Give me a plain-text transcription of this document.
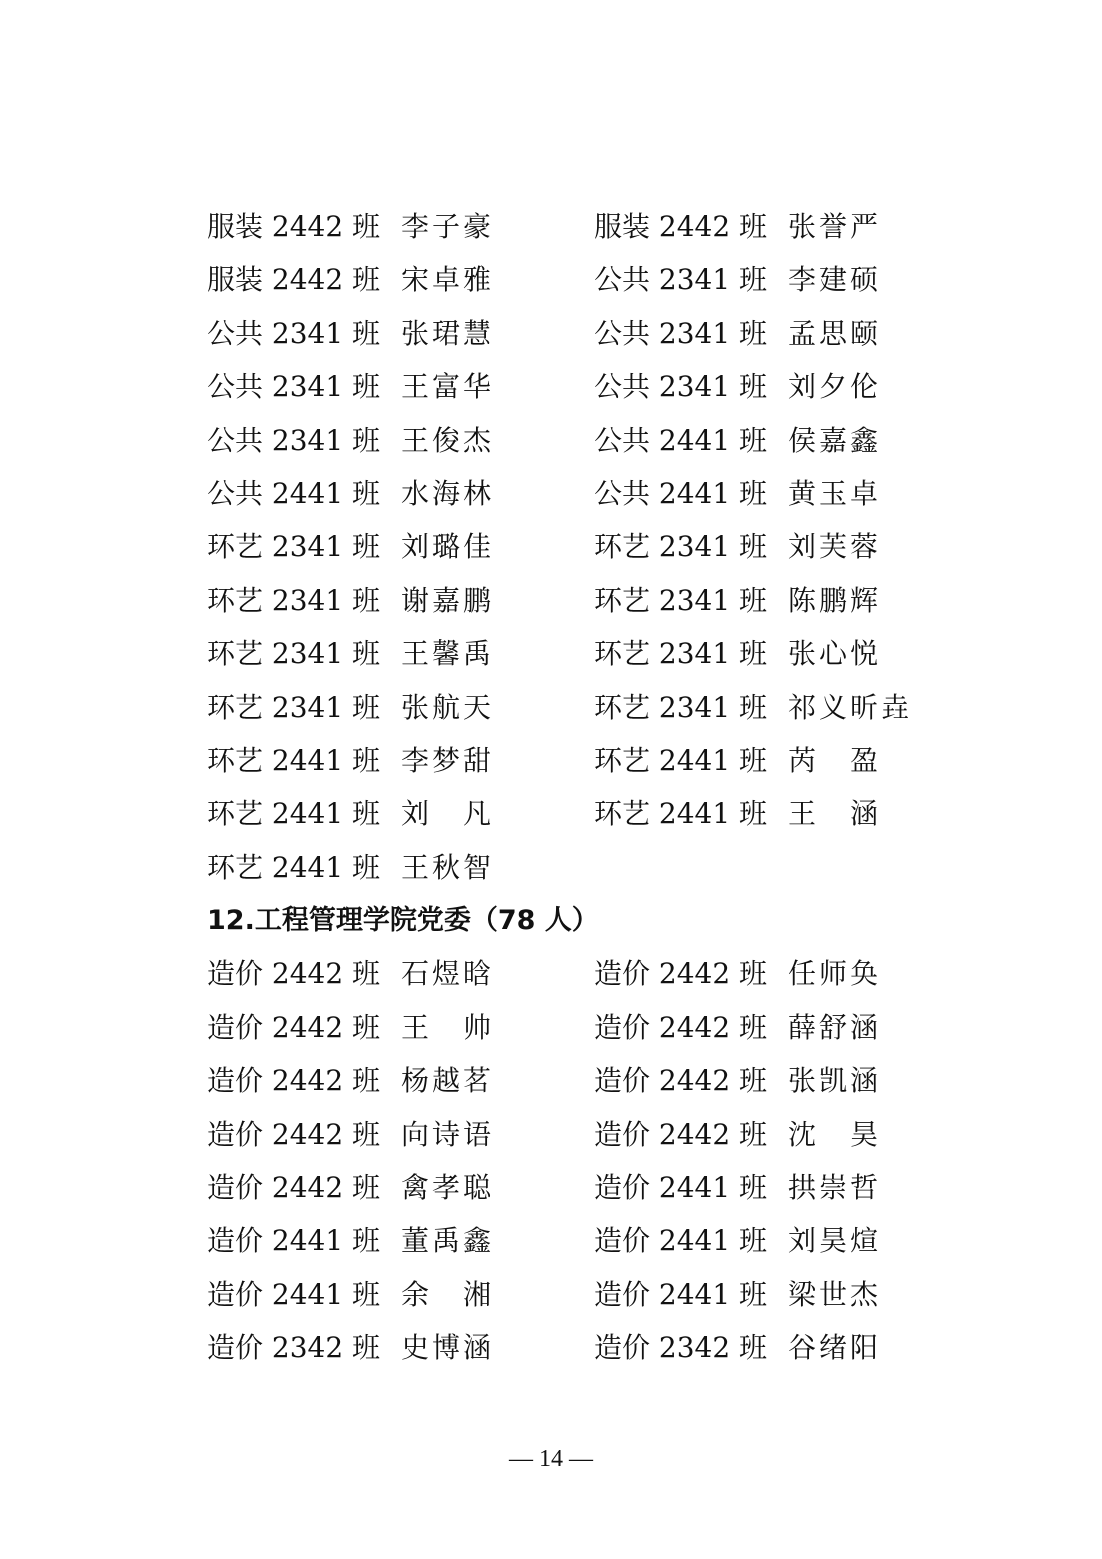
服装 2442 班 李子豪	服装 2442 班 张誉严
服装 2442 班 宋卓雅	公共 2341 班 李建硕
公共 2341 班 张珺慧	公共 2341 班 孟思颐
公共 2341 班 王富华	公共 2341 班 刘夕伦
公共 2341 班 王俊杰	公共 2441 班 侯嘉鑫
公共 2441 班 水海林	公共 2441 班 黄玉卓
环艺 2341 班 刘璐佳	环艺 2341 班 刘芙蓉
环艺 2341 班 谢嘉鹏	环艺 2341 班 陈鹏辉
环艺 2341 班 王馨禹	环艺 2341 班 张心悦
环艺 2341 班 张航天	环艺 2341 班 祁义昕垚
环艺 2441 班 李梦甜	环艺 2441 班 芮　盈
环艺 2441 班 刘　凡	环艺 2441 班 王　涵
环艺 2441 班 王秋智
12.工程管理学院党委（78 人）
造价 2442 班 石煜晗	造价 2442 班 任师奂
造价 2442 班 王　帅	造价 2442 班 薛舒涵
造价 2442 班 杨越茗	造价 2442 班 张凯涵
造价 2442 班 向诗语	造价 2442 班 沈　昊
造价 2442 班 禽孝聪	造价 2441 班 拱崇哲
造价 2441 班 董禹鑫	造价 2441 班 刘昊煊
造价 2441 班 余　湘	造价 2441 班 梁世杰
造价 2342 班 史博涵	造价 2342 班 谷绪阳
— 14 —
